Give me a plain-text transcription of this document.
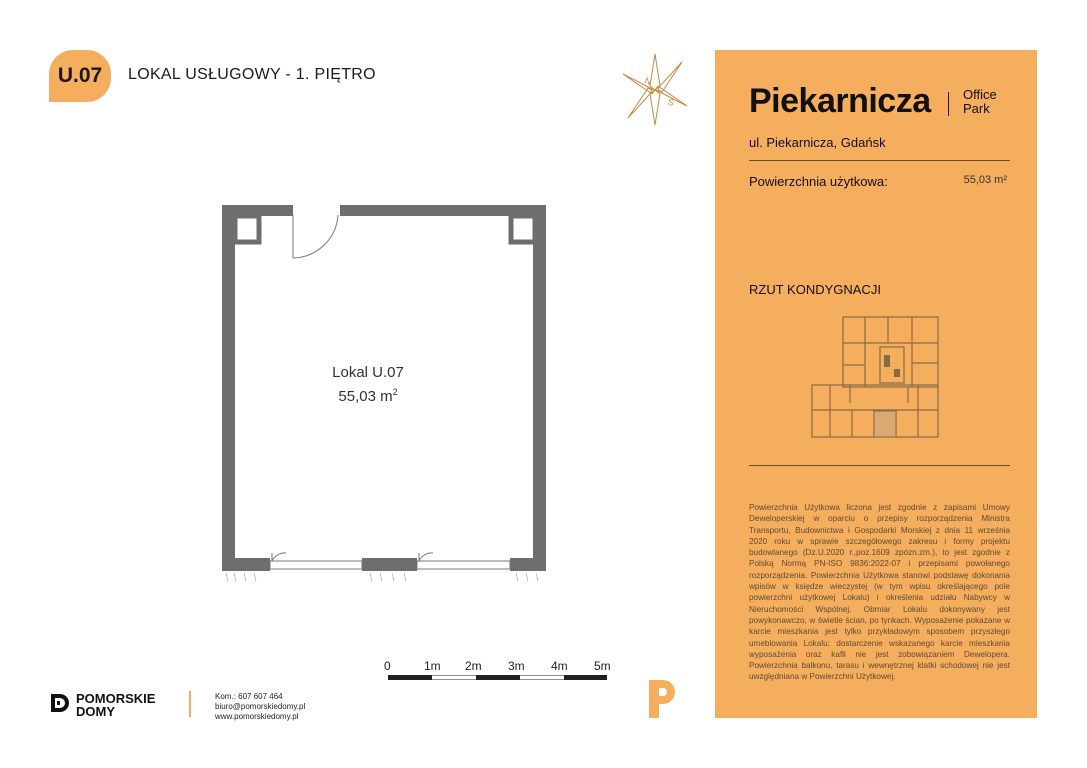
U.07 LOKAL USŁUGOWY - 1. PIĘTRO	N
S
Lokal U.07
55,03 $m^2$
0	1m 2m 3m 4m 5m
POMORSKIE
DOMY
Kom.: 607 607 464
biuro@pomorskiedomy.pl
www.pomorskiedomy.pl
Piekarnicza Office
Park
ul. Piekarnicza, Gdańsk
Powierzchnia użytkowa:	55,03 m²
RZUT KONDYGNACJI

Powierzchnia Użytkowa liczona jest zgodnie z zapisami Umowy Deweloperskiej w oparciu o przepisy rozporządzenia Ministra Transportu, Budownictwa i Gospodarki Morskiej z dnia 11 września 2020 roku w sprawie szczegółowego zakresu i formy projektu budowlanego (Dz.U.2020 r.,poz.1609 zpózn.zm.), to jest zgodnie z Polską Normą PN-ISO 9836:2022-07 i przepisami powołanego rozporządzenia. Powierzchnia Użytkowa stanowi podstawę dokonania wpisów w księdze wieczystej (w tym wpisu określającego pole powierzchni użytkowej Lokalu) i określenia udziału Nabywcy w Nieruchomości Wspólnej. Obmiar Lokalu dokonywany jest powykonawczo, w świetle ścian, po tynkach. Wyposażenie pokazane w karcie mieszkania jest tylko przykładowym sposobem przyszłego umeblowania Lokalu; dostarczenie wskazanego karcie mieszkania wyposażenia oraz kafli nie jest zobowiązaniem Dewelopera. Powierzchnia balkonu, tarasu i wewnętrznej klatki schodowej nie jest uwzględniana w Powierzchni Użytkowej.
